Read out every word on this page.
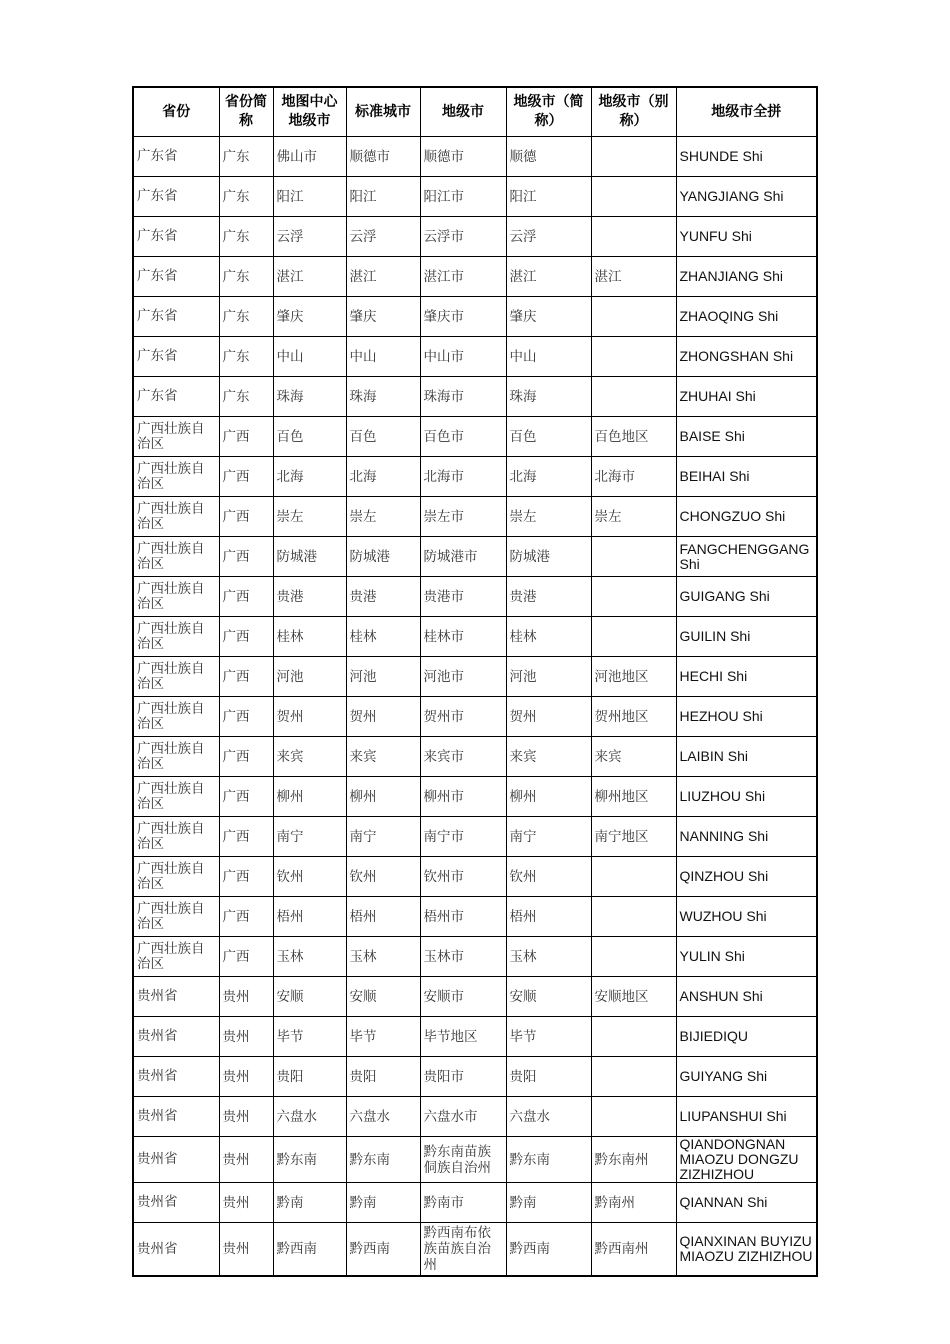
省份	省份简称	地图中心地级市	标准城市	地级市	地级市（简称）	地级市（别称）	地级市全拼
广东省	广东	佛山市	顺德市	顺德市	顺德		SHUNDE Shi
广东省	广东	阳江	阳江	阳江市	阳江		YANGJIANG Shi
广东省	广东	云浮	云浮	云浮市	云浮		YUNFU Shi
广东省	广东	湛江	湛江	湛江市	湛江	湛江	ZHANJIANG Shi
广东省	广东	肇庆	肇庆	肇庆市	肇庆		ZHAOQING Shi
广东省	广东	中山	中山	中山市	中山		ZHONGSHAN Shi
广东省	广东	珠海	珠海	珠海市	珠海		ZHUHAI Shi
广西壮族自治区	广西	百色	百色	百色市	百色	百色地区	BAISE Shi
广西壮族自治区	广西	北海	北海	北海市	北海	北海市	BEIHAI Shi
广西壮族自治区	广西	崇左	崇左	崇左市	崇左	崇左	CHONGZUO Shi
广西壮族自治区	广西	防城港	防城港	防城港市	防城港		FANGCHENGGANG Shi
广西壮族自治区	广西	贵港	贵港	贵港市	贵港		GUIGANG Shi
广西壮族自治区	广西	桂林	桂林	桂林市	桂林		GUILIN Shi
广西壮族自治区	广西	河池	河池	河池市	河池	河池地区	HECHI Shi
广西壮族自治区	广西	贺州	贺州	贺州市	贺州	贺州地区	HEZHOU Shi
广西壮族自治区	广西	来宾	来宾	来宾市	来宾	来宾	LAIBIN Shi
广西壮族自治区	广西	柳州	柳州	柳州市	柳州	柳州地区	LIUZHOU Shi
广西壮族自治区	广西	南宁	南宁	南宁市	南宁	南宁地区	NANNING Shi
广西壮族自治区	广西	钦州	钦州	钦州市	钦州		QINZHOU Shi
广西壮族自治区	广西	梧州	梧州	梧州市	梧州		WUZHOU Shi
广西壮族自治区	广西	玉林	玉林	玉林市	玉林		YULIN Shi
贵州省	贵州	安顺	安顺	安顺市	安顺	安顺地区	ANSHUN Shi
贵州省	贵州	毕节	毕节	毕节地区	毕节		BIJIEDIQU
贵州省	贵州	贵阳	贵阳	贵阳市	贵阳		GUIYANG Shi
贵州省	贵州	六盘水	六盘水	六盘水市	六盘水		LIUPANSHUI Shi
贵州省	贵州	黔东南	黔东南	黔东南苗族侗族自治州	黔东南	黔东南州	QIANDONGNAN MIAOZU DONGZU ZIZHIZHOU
贵州省	贵州	黔南	黔南	黔南市	黔南	黔南州	QIANNAN Shi
贵州省	贵州	黔西南	黔西南	黔西南布依族苗族自治州	黔西南	黔西南州	QIANXINAN BUYIZU MIAOZU ZIZHIZHOU
